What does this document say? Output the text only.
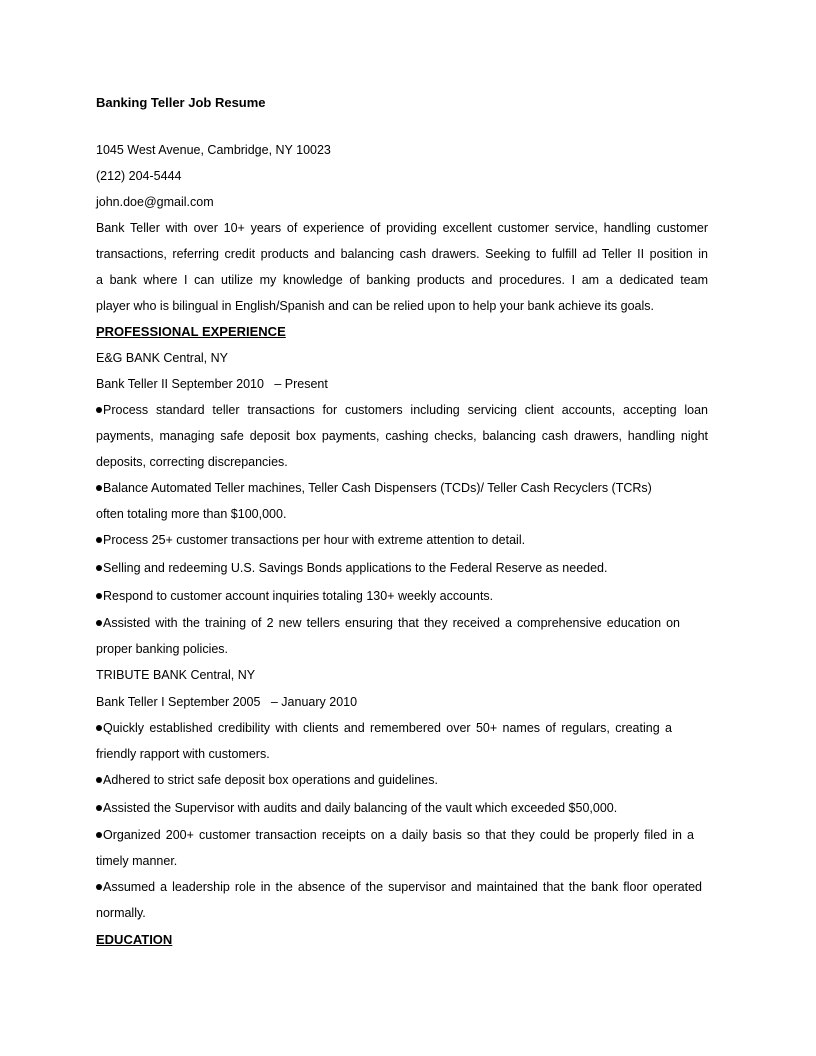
Banking Teller Job Resume
1045 West Avenue, Cambridge, NY 10023
(212) 204-5444
john.doe@gmail.com
Bank Teller with over 10+ years of experience of providing excellent customer service, handling customer
transactions, referring credit products and balancing cash drawers. Seeking to fulfill ad Teller II position in
a bank where I can utilize my knowledge of banking products and procedures. I am a dedicated team
player who is bilingual in English/Spanish and can be relied upon to help your bank achieve its goals.
PROFESSIONAL EXPERIENCE
E&G BANK Central, NY
Bank Teller II September 2010   – Present
Process standard teller transactions for customers including servicing client accounts, accepting loan
payments, managing safe deposit box payments, cashing checks, balancing cash drawers, handling night
deposits, correcting discrepancies.
Balance Automated Teller machines, Teller Cash Dispensers (TCDs)/ Teller Cash Recyclers (TCRs)
often totaling more than $100,000.
Process 25+ customer transactions per hour with extreme attention to detail.
Selling and redeeming U.S. Savings Bonds applications to the Federal Reserve as needed.
Respond to customer account inquiries totaling 130+ weekly accounts.
Assisted with the training of 2 new tellers ensuring that they received a comprehensive education on
proper banking policies.
TRIBUTE BANK Central, NY
Bank Teller I September 2005   – January 2010
Quickly established credibility with clients and remembered over 50+ names of regulars, creating a
friendly rapport with customers.
Adhered to strict safe deposit box operations and guidelines.
Assisted the Supervisor with audits and daily balancing of the vault which exceeded $50,000.
Organized 200+ customer transaction receipts on a daily basis so that they could be properly filed in a
timely manner.
Assumed a leadership role in the absence of the supervisor and maintained that the bank floor operated
normally.
EDUCATION
